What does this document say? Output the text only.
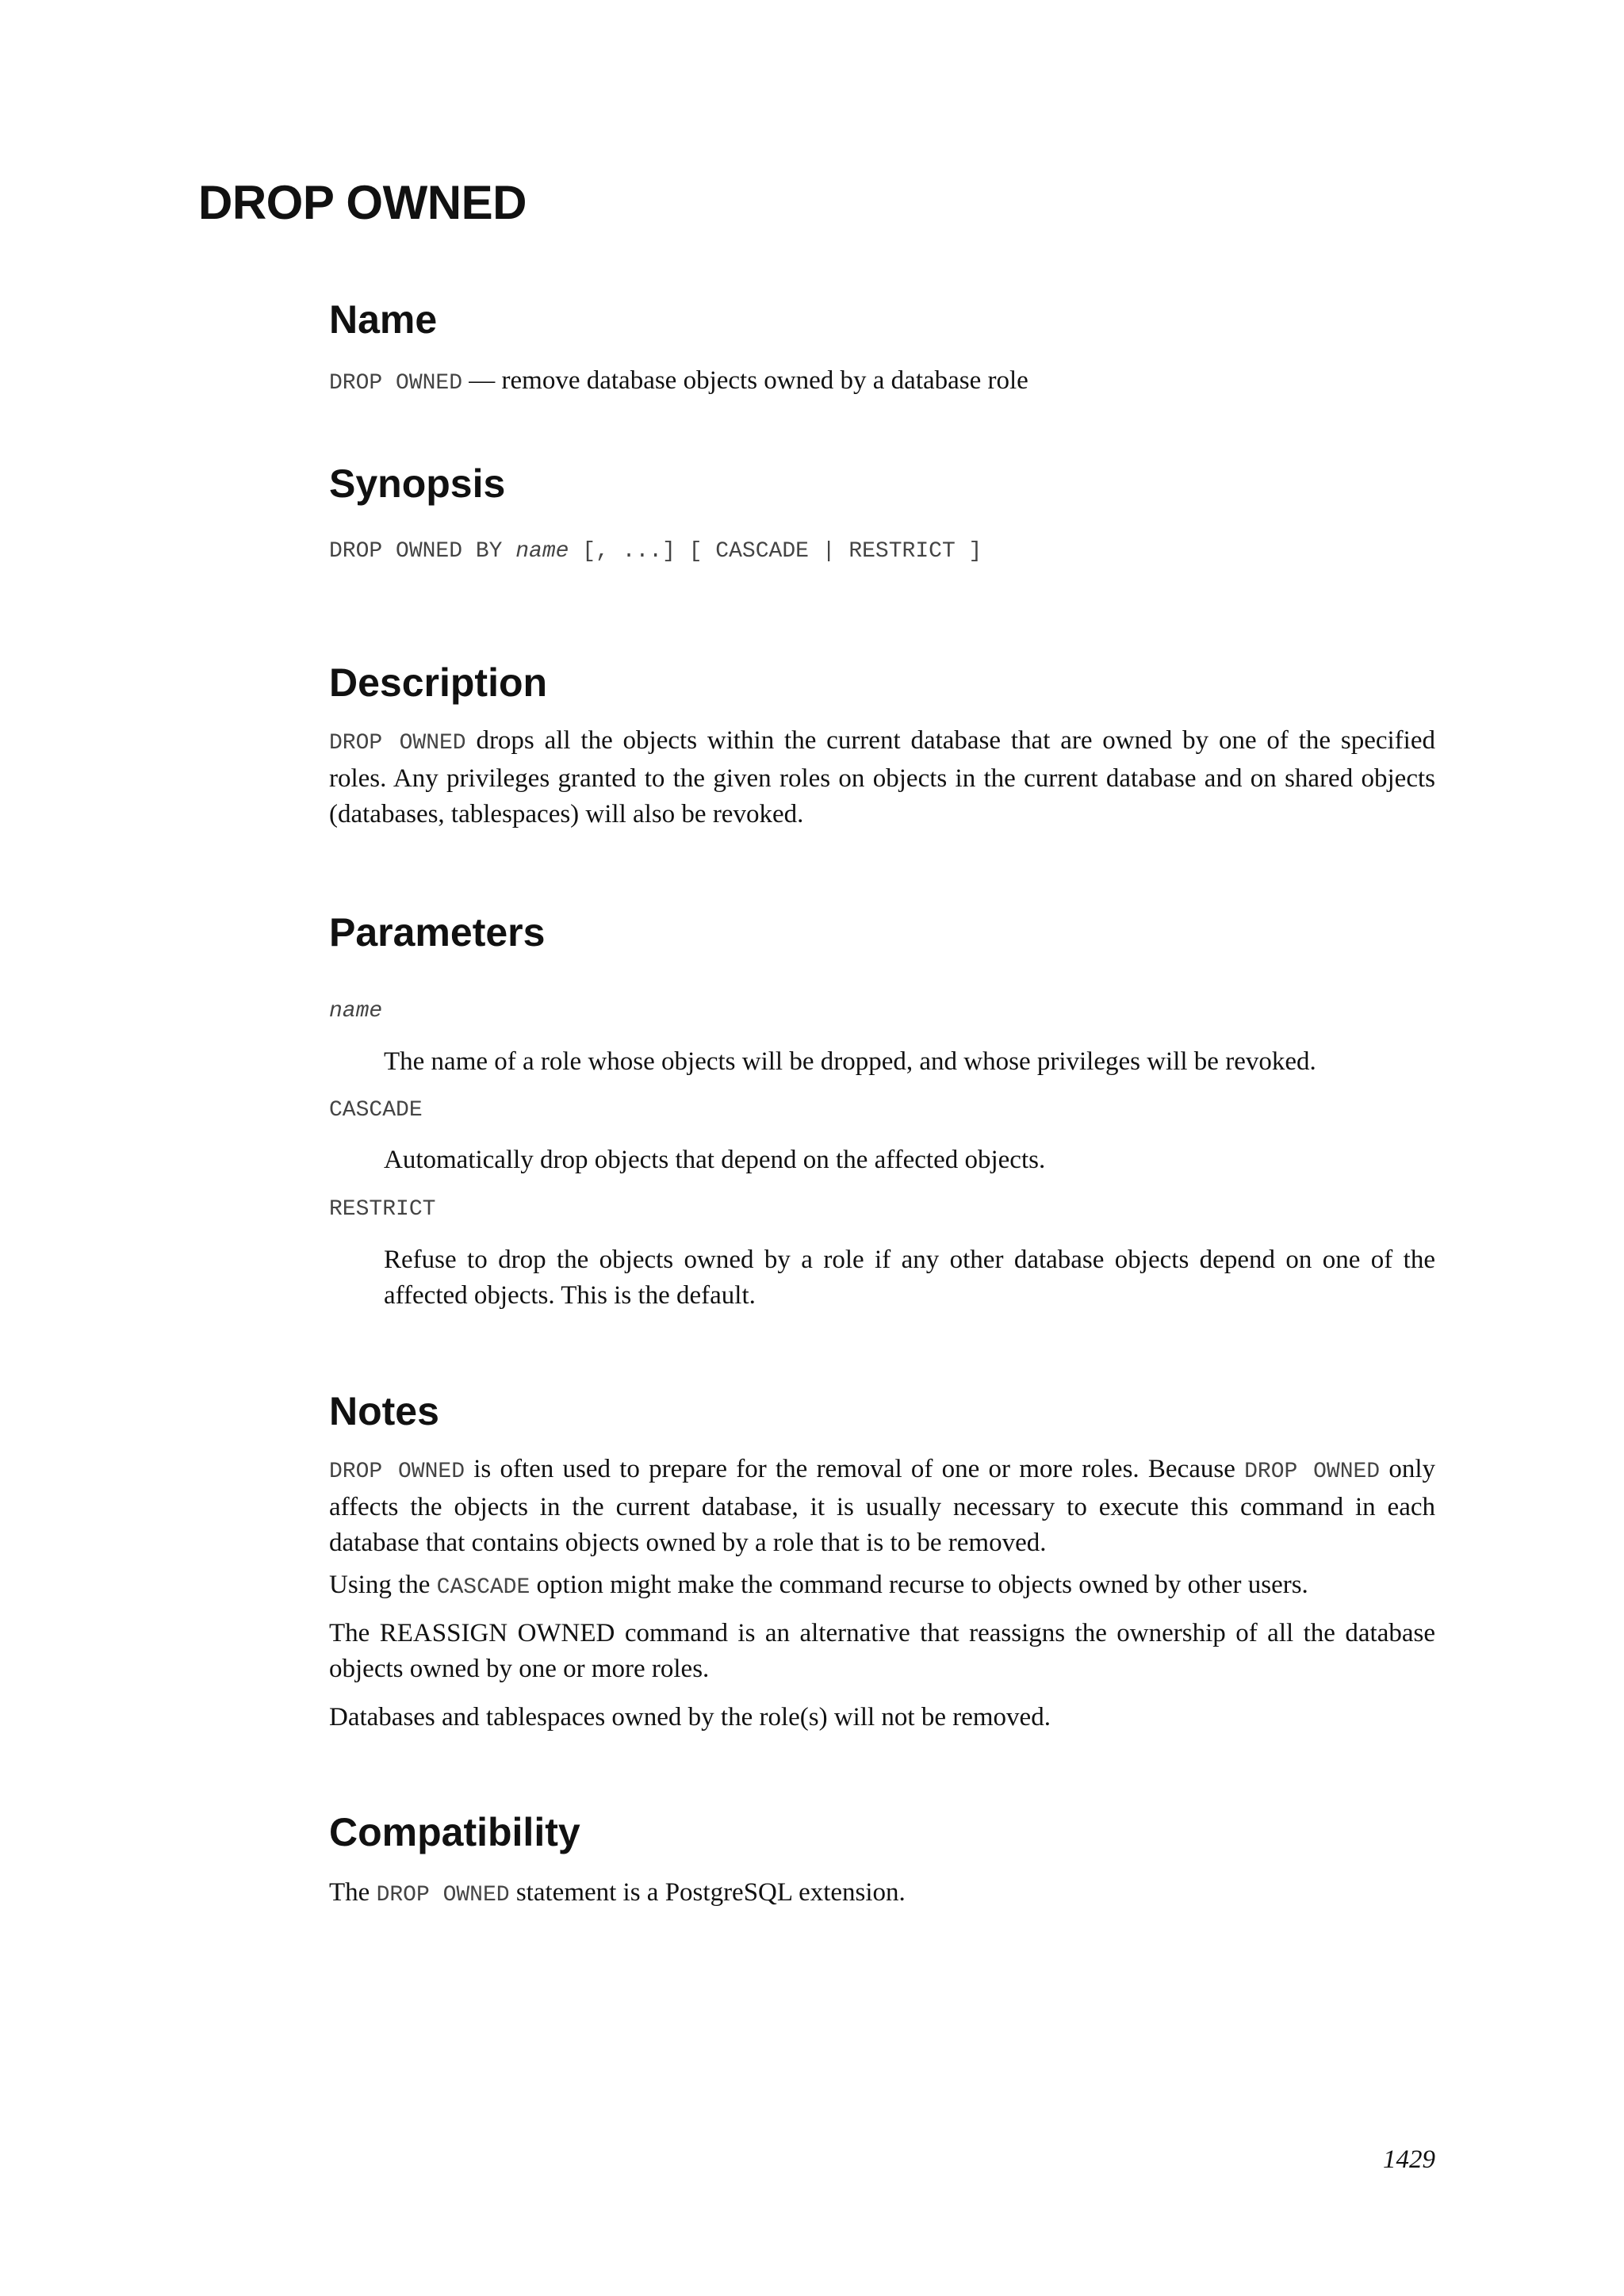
DROP OWNED
Name

DROP OWNED — remove database objects owned by a database role

Synopsis
DROP OWNED BY name [, ...] [ CASCADE | RESTRICT ]
Description

DROP OWNED drops all the objects within the current database that are owned by one of the specified roles. Any privileges granted to the given roles on objects in the current database and on shared objects (databases, tablespaces) will also be revoked.

Parameters
name

The name of a role whose objects will be dropped, and whose privileges will be revoked.

CASCADE

Automatically drop objects that depend on the affected objects.

RESTRICT

Refuse to drop the objects owned by a role if any other database objects depend on one of the affected objects. This is the default.

Notes

DROP OWNED is often used to prepare for the removal of one or more roles. Because DROP OWNED only affects the objects in the current database, it is usually necessary to execute this command in each database that contains objects owned by a role that is to be removed.

Using the CASCADE option might make the command recurse to objects owned by other users.

The REASSIGN OWNED command is an alternative that reassigns the ownership of all the database objects owned by one or more roles.

Databases and tablespaces owned by the role(s) will not be removed.

Compatibility

The DROP OWNED statement is a PostgreSQL extension.

1429
